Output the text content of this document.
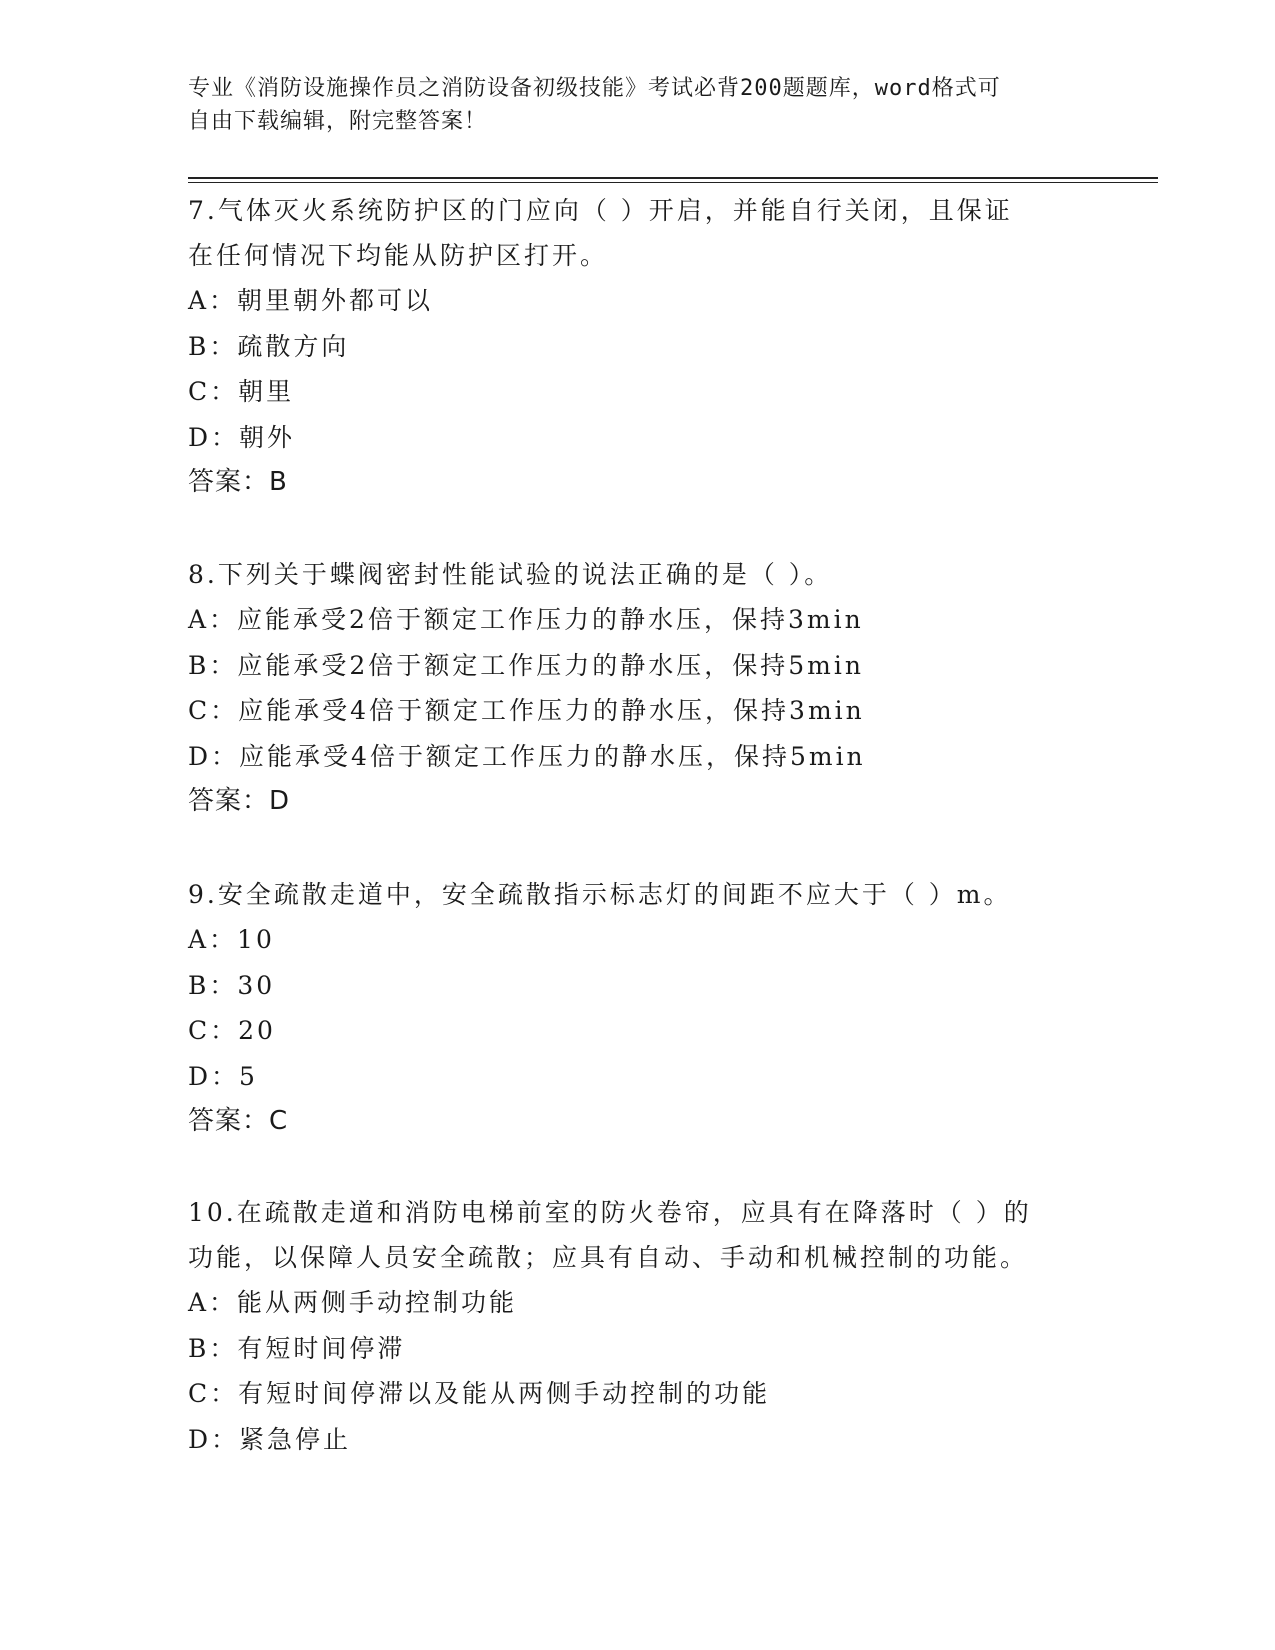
专业《消防设施操作员之消防设备初级技能》考试必背200题题库，word格式可
自由下载编辑，附完整答案！

7.气体灭火系统防护区的门应向（ ）开启，并能自行关闭，且保证

在任何情况下均能从防护区打开。

A：朝里朝外都可以

B：疏散方向

C：朝里

D：朝外

答案：B

8.下列关于蝶阀密封性能试验的说法正确的是（ ）。

A：应能承受2倍于额定工作压力的静水压，保持3min

B：应能承受2倍于额定工作压力的静水压，保持5min

C：应能承受4倍于额定工作压力的静水压，保持3min

D：应能承受4倍于额定工作压力的静水压，保持5min

答案：D

9.安全疏散走道中，安全疏散指示标志灯的间距不应大于（ ）m。

A：10

B：30

C：20

D：5

答案：C

10.在疏散走道和消防电梯前室的防火卷帘，应具有在降落时（ ）的

功能，以保障人员安全疏散；应具有自动、手动和机械控制的功能。

A：能从两侧手动控制功能

B：有短时间停滞

C：有短时间停滞以及能从两侧手动控制的功能

D：紧急停止
